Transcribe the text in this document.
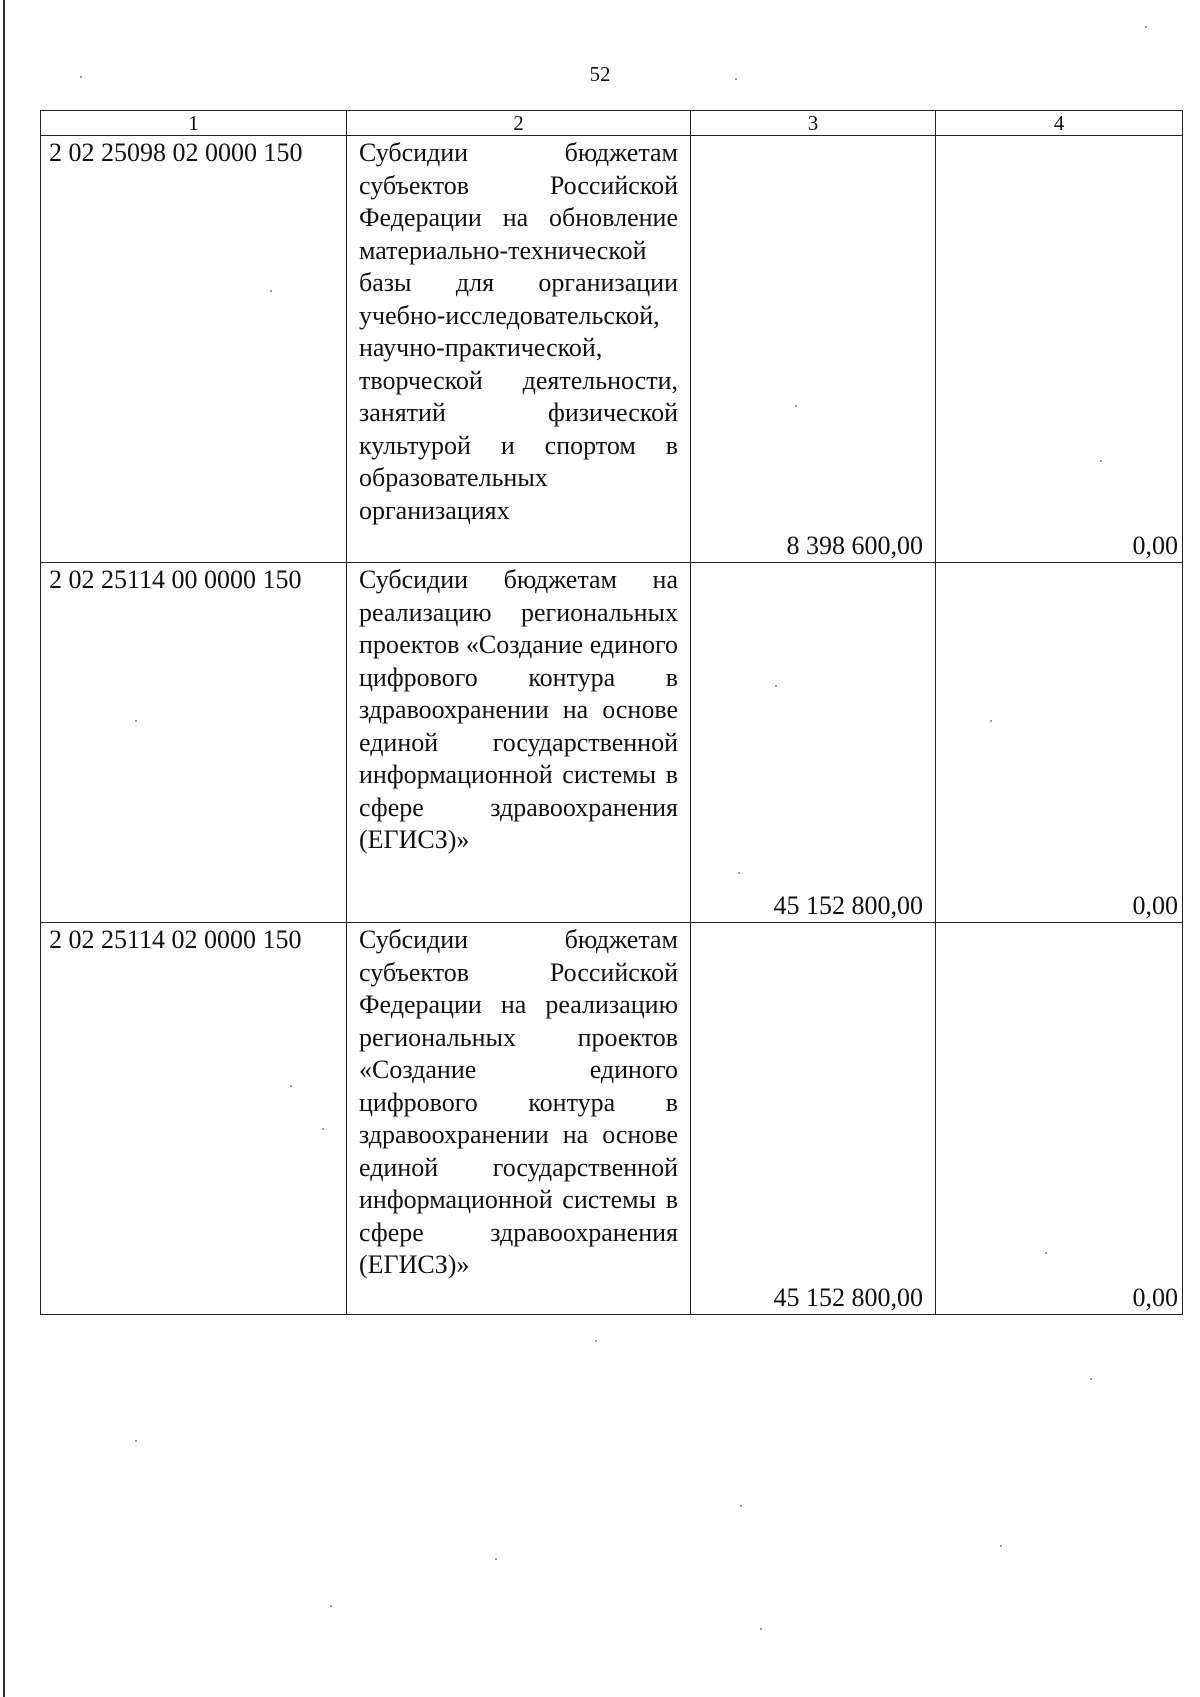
52
1	2	3	4
2 02 25098 02 0000 150	Субсидии бюджетам субъектов Российской Федерации на обновление материально-технической базы для организации учебно-исследовательской, научно-практической, творческой деятельности, занятий физической культурой и спортом в образовательных организациях	8 398 600,00	0,00
2 02 25114 00 0000 150	Субсидии бюджетам на реализацию региональных проектов «Создание единого цифрового контура в здравоохранении на основе единой государственной информационной системы в сфере здравоохранения (ЕГИСЗ)»	45 152 800,00	0,00
2 02 25114 02 0000 150	Субсидии бюджетам субъектов Российской Федерации на реализацию региональных проектов «Создание единого цифрового контура в здравоохранении на основе единой государственной информационной системы в сфере здравоохранения (ЕГИСЗ)»	45 152 800,00	0,00
